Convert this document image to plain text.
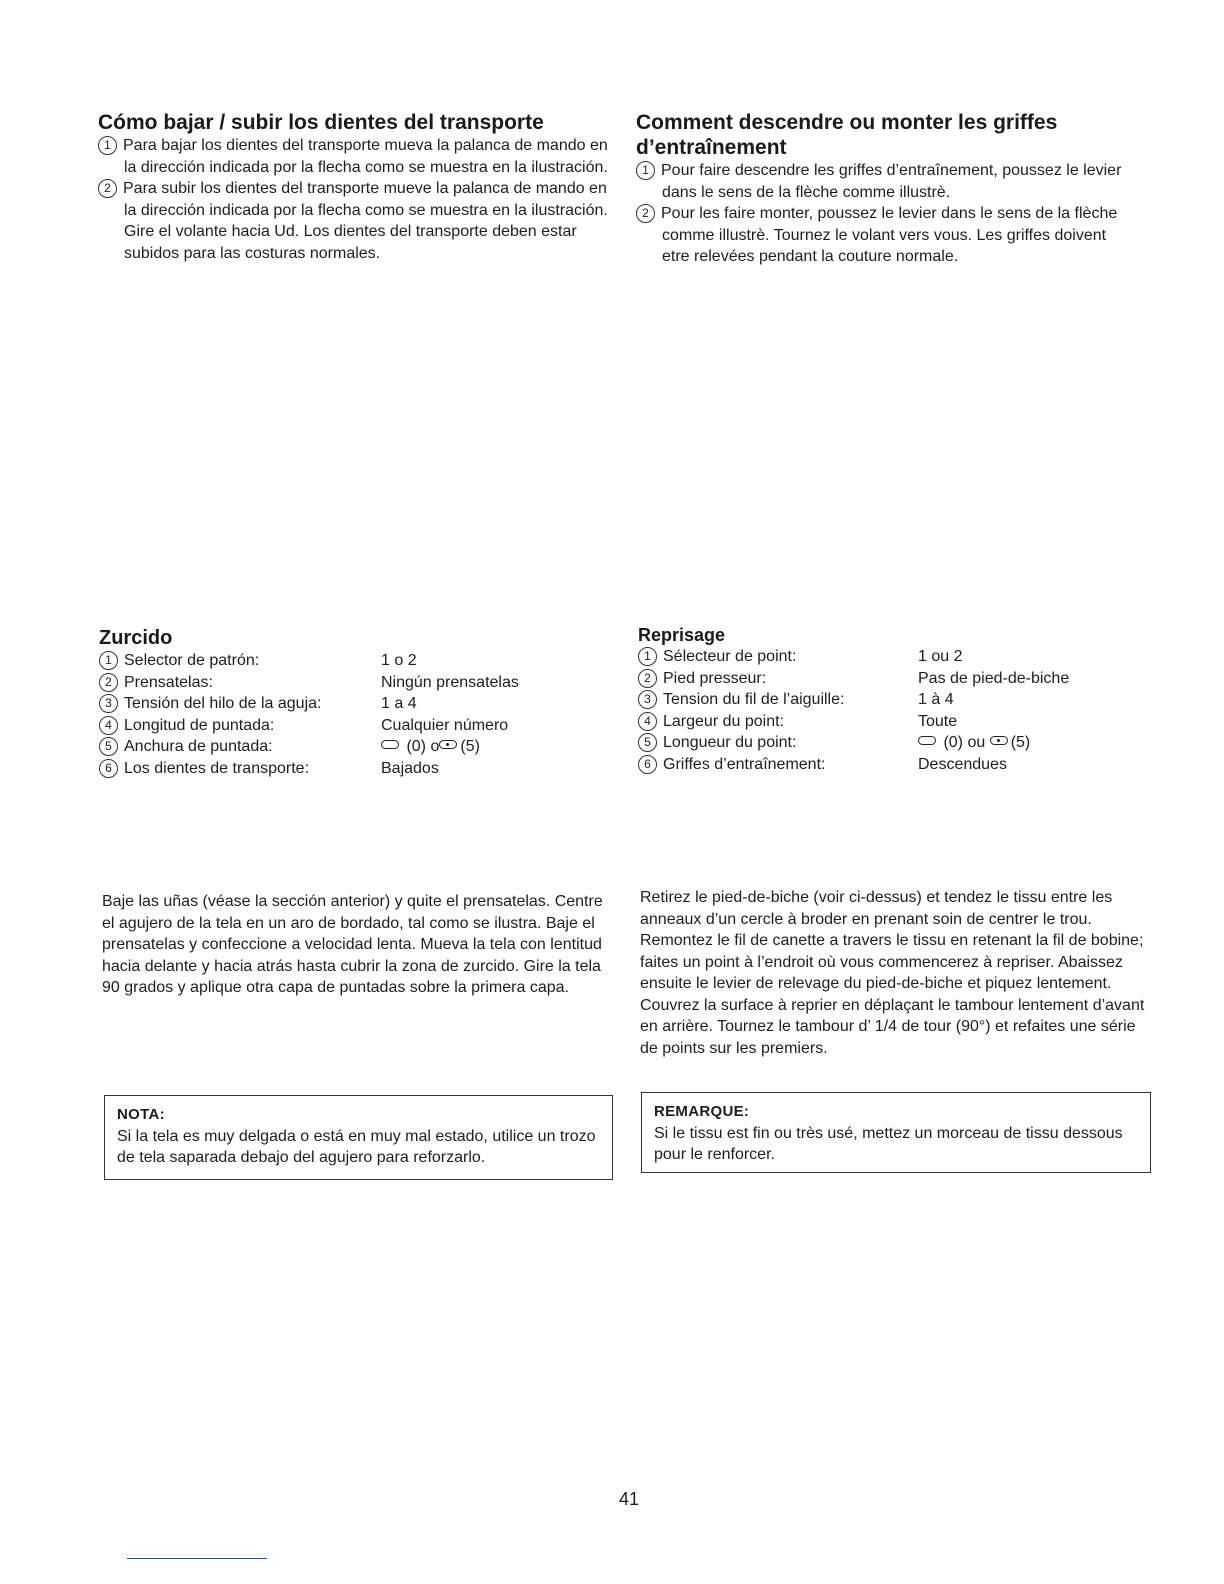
Cómo bajar / subir los dientes del transporte

1 Para bajar los dientes del transporte mueva la palanca de mando en la dirección indicada por la flecha como se muestra en la ilustración.

2 Para subir los dientes del transporte mueve la palanca de mando en la dirección indicada por la flecha como se muestra en la ilustración. Gire el volante hacia Ud. Los dientes del transporte deben estar subidos para las costuras normales.

Comment descendre ou monter les griffes
d’entraînement

1 Pour faire descendre les griffes d’entraînement, poussez le levier dans le sens de la flèche comme illustrè.

2 Pour les faire monter, poussez le levier dans le sens de la flèche comme illustrè. Tournez le volant vers vous. Les griffes doivent etre relevées pendant la couture normale.

Zurcido
1 Selector de patrón:	1 o 2
2 Prensatelas:	Ningún prensatelas
3 Tensión del hilo de la aguja:	1 a 4
4 Longitud de puntada:	Cualquier número
5 Anchura de puntada:	(0) o (5)
6 Los dientes de transporte:	Bajados
Reprisage
1 Sélecteur de point:	1 ou 2
2 Pied presseur:	Pas de pied-de-biche
3 Tension du fil de l’aiguille:	1 à 4
4 Largeur du point:	Toute
5 Longueur du point:	(0) ou (5)
6 Griffes d’entraînement:	Descendues

Baje las uñas (véase la sección anterior) y quite el prensatelas. Centre el agujero de la tela en un aro de bordado, tal como se ilustra. Baje el prensatelas y confeccione a velocidad lenta. Mueva la tela con lentitud hacia delante y hacia atrás hasta cubrir la zona de zurcido. Gire la tela 90 grados y aplique otra capa de puntadas sobre la primera capa.

Retirez le pied-de-biche (voir ci-dessus) et tendez le tissu entre les anneaux d’un cercle à broder en prenant soin de centrer le trou. Remontez le fil de canette a travers le tissu en retenant la fil de bobine; faites un point à l’endroit où vous commencerez à repriser. Abaissez ensuite le levier de relevage du pied-de-biche et piquez lentement. Couvrez la surface à reprier en déplaçant le tambour lentement d’avant en arrière. Tournez le tambour d’ 1/4 de tour (90°) et refaites une série de points sur les premiers.

NOTA:
Si la tela es muy delgada o está en muy mal estado, utilice un trozo de tela saparada debajo del agujero para reforzarlo.
REMARQUE:
Si le tissu est fin ou très usé, mettez un morceau de tissu dessous pour le renforcer.
41
